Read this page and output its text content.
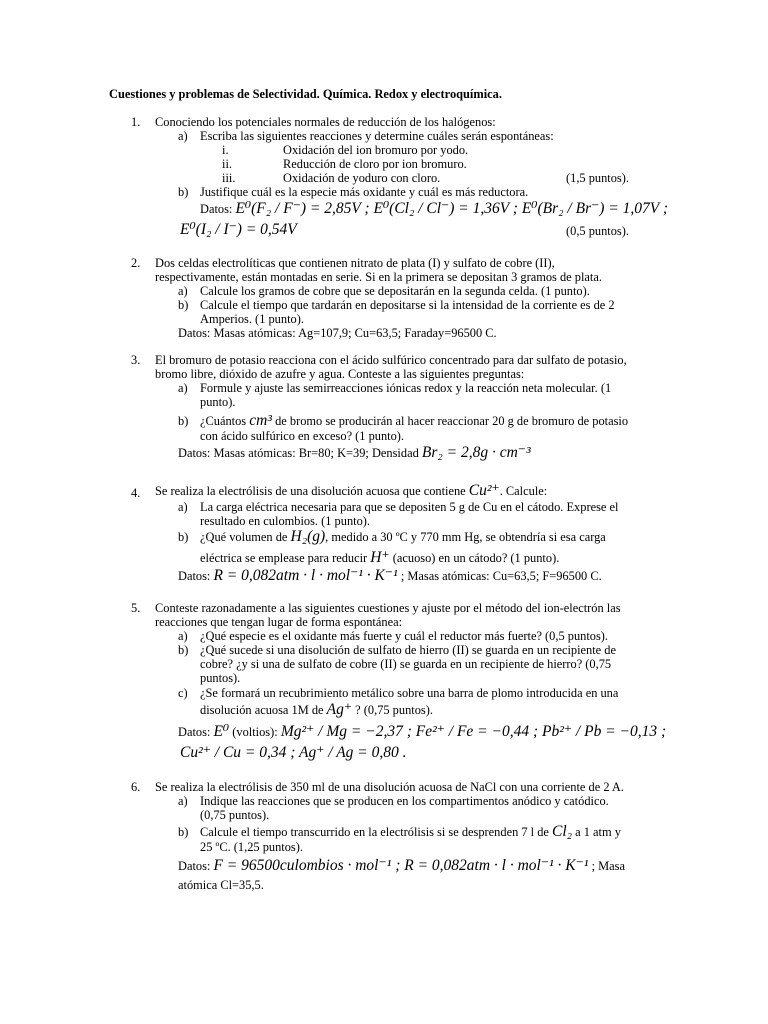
Cuestiones y problemas de Selectividad. Química. Redox y electroquímica.
1. Conociendo los potenciales normales de reducción de los halógenos:
a) Escriba las siguientes reacciones y determine cuáles serán espontáneas:
i.	Oxidación del ion bromuro por yodo.
ii.	Reducción de cloro por ion bromuro.
iii.	Oxidación de yoduro con cloro.	(1,5 puntos).
b) Justifique cuál es la especie más oxidante y cuál es más reductora.
Datos: E⁰(F₂ / F⁻) = 2,85V ; E⁰(Cl₂ / Cl⁻) = 1,36V ; E⁰(Br₂ / Br⁻) = 1,07V ;
E⁰(I₂ / I⁻) = 0,54V	(0,5 puntos).
2. Dos celdas electrolíticas que contienen nitrato de plata (I) y sulfato de cobre (II),
respectivamente, están montadas en serie. Si en la primera se depositan 3 gramos de plata.
a) Calcule los gramos de cobre que se depositarán en la segunda celda. (1 punto).
b) Calcule el tiempo que tardarán en depositarse si la intensidad de la corriente es de 2
Amperios. (1 punto).
Datos: Masas atómicas: Ag=107,9; Cu=63,5; Faraday=96500 C.
3. El bromuro de potasio reacciona con el ácido sulfúrico concentrado para dar sulfato de potasio,
bromo libre, dióxido de azufre y agua. Conteste a las siguientes preguntas:
a) Formule y ajuste las semirreacciones iónicas redox y la reacción neta molecular. (1
punto).
b) ¿Cuántos cm³ de bromo se producirán al hacer reaccionar 20 g de bromuro de potasio
con ácido sulfúrico en exceso? (1 punto).
Datos: Masas atómicas: Br=80; K=39; Densidad Br₂ = 2,8g · cm⁻³
4. Se realiza la electrólisis de una disolución acuosa que contiene Cu²⁺. Calcule:
a) La carga eléctrica necesaria para que se depositen 5 g de Cu en el cátodo. Exprese el
resultado en culombios. (1 punto).
b) ¿Qué volumen de H₂(g), medido a 30 ºC y 770 mm Hg, se obtendría si esa carga
eléctrica se emplease para reducir H⁺ (acuoso) en un cátodo? (1 punto).
Datos: R = 0,082atm · l · mol⁻¹ · K⁻¹ ; Masas atómicas: Cu=63,5; F=96500 C.
5. Conteste razonadamente a las siguientes cuestiones y ajuste por el método del ion-electrón las
reacciones que tengan lugar de forma espontánea:
a) ¿Qué especie es el oxidante más fuerte y cuál el reductor más fuerte? (0,5 puntos).
b) ¿Qué sucede si una disolución de sulfato de hierro (II) se guarda en un recipiente de
cobre? ¿y si una de sulfato de cobre (II) se guarda en un recipiente de hierro? (0,75
puntos).
c) ¿Se formará un recubrimiento metálico sobre una barra de plomo introducida en una
disolución acuosa 1M de Ag⁺ ? (0,75 puntos).
Datos: E⁰ (voltios): Mg²⁺ / Mg = −2,37 ; Fe²⁺ / Fe = −0,44 ; Pb²⁺ / Pb = −0,13 ;
Cu²⁺ / Cu = 0,34 ; Ag⁺ / Ag = 0,80 .
6. Se realiza la electrólisis de 350 ml de una disolución acuosa de NaCl con una corriente de 2 A.
a) Indique las reacciones que se producen en los compartimentos anódico y catódico.
(0,75 puntos).
b) Calcule el tiempo transcurrido en la electrólisis si se desprenden 7 l de Cl₂ a 1 atm y
25 ºC. (1,25 puntos).
Datos: F = 96500culombios · mol⁻¹ ; R = 0,082atm · l · mol⁻¹ · K⁻¹ ; Masa
atómica Cl=35,5.
